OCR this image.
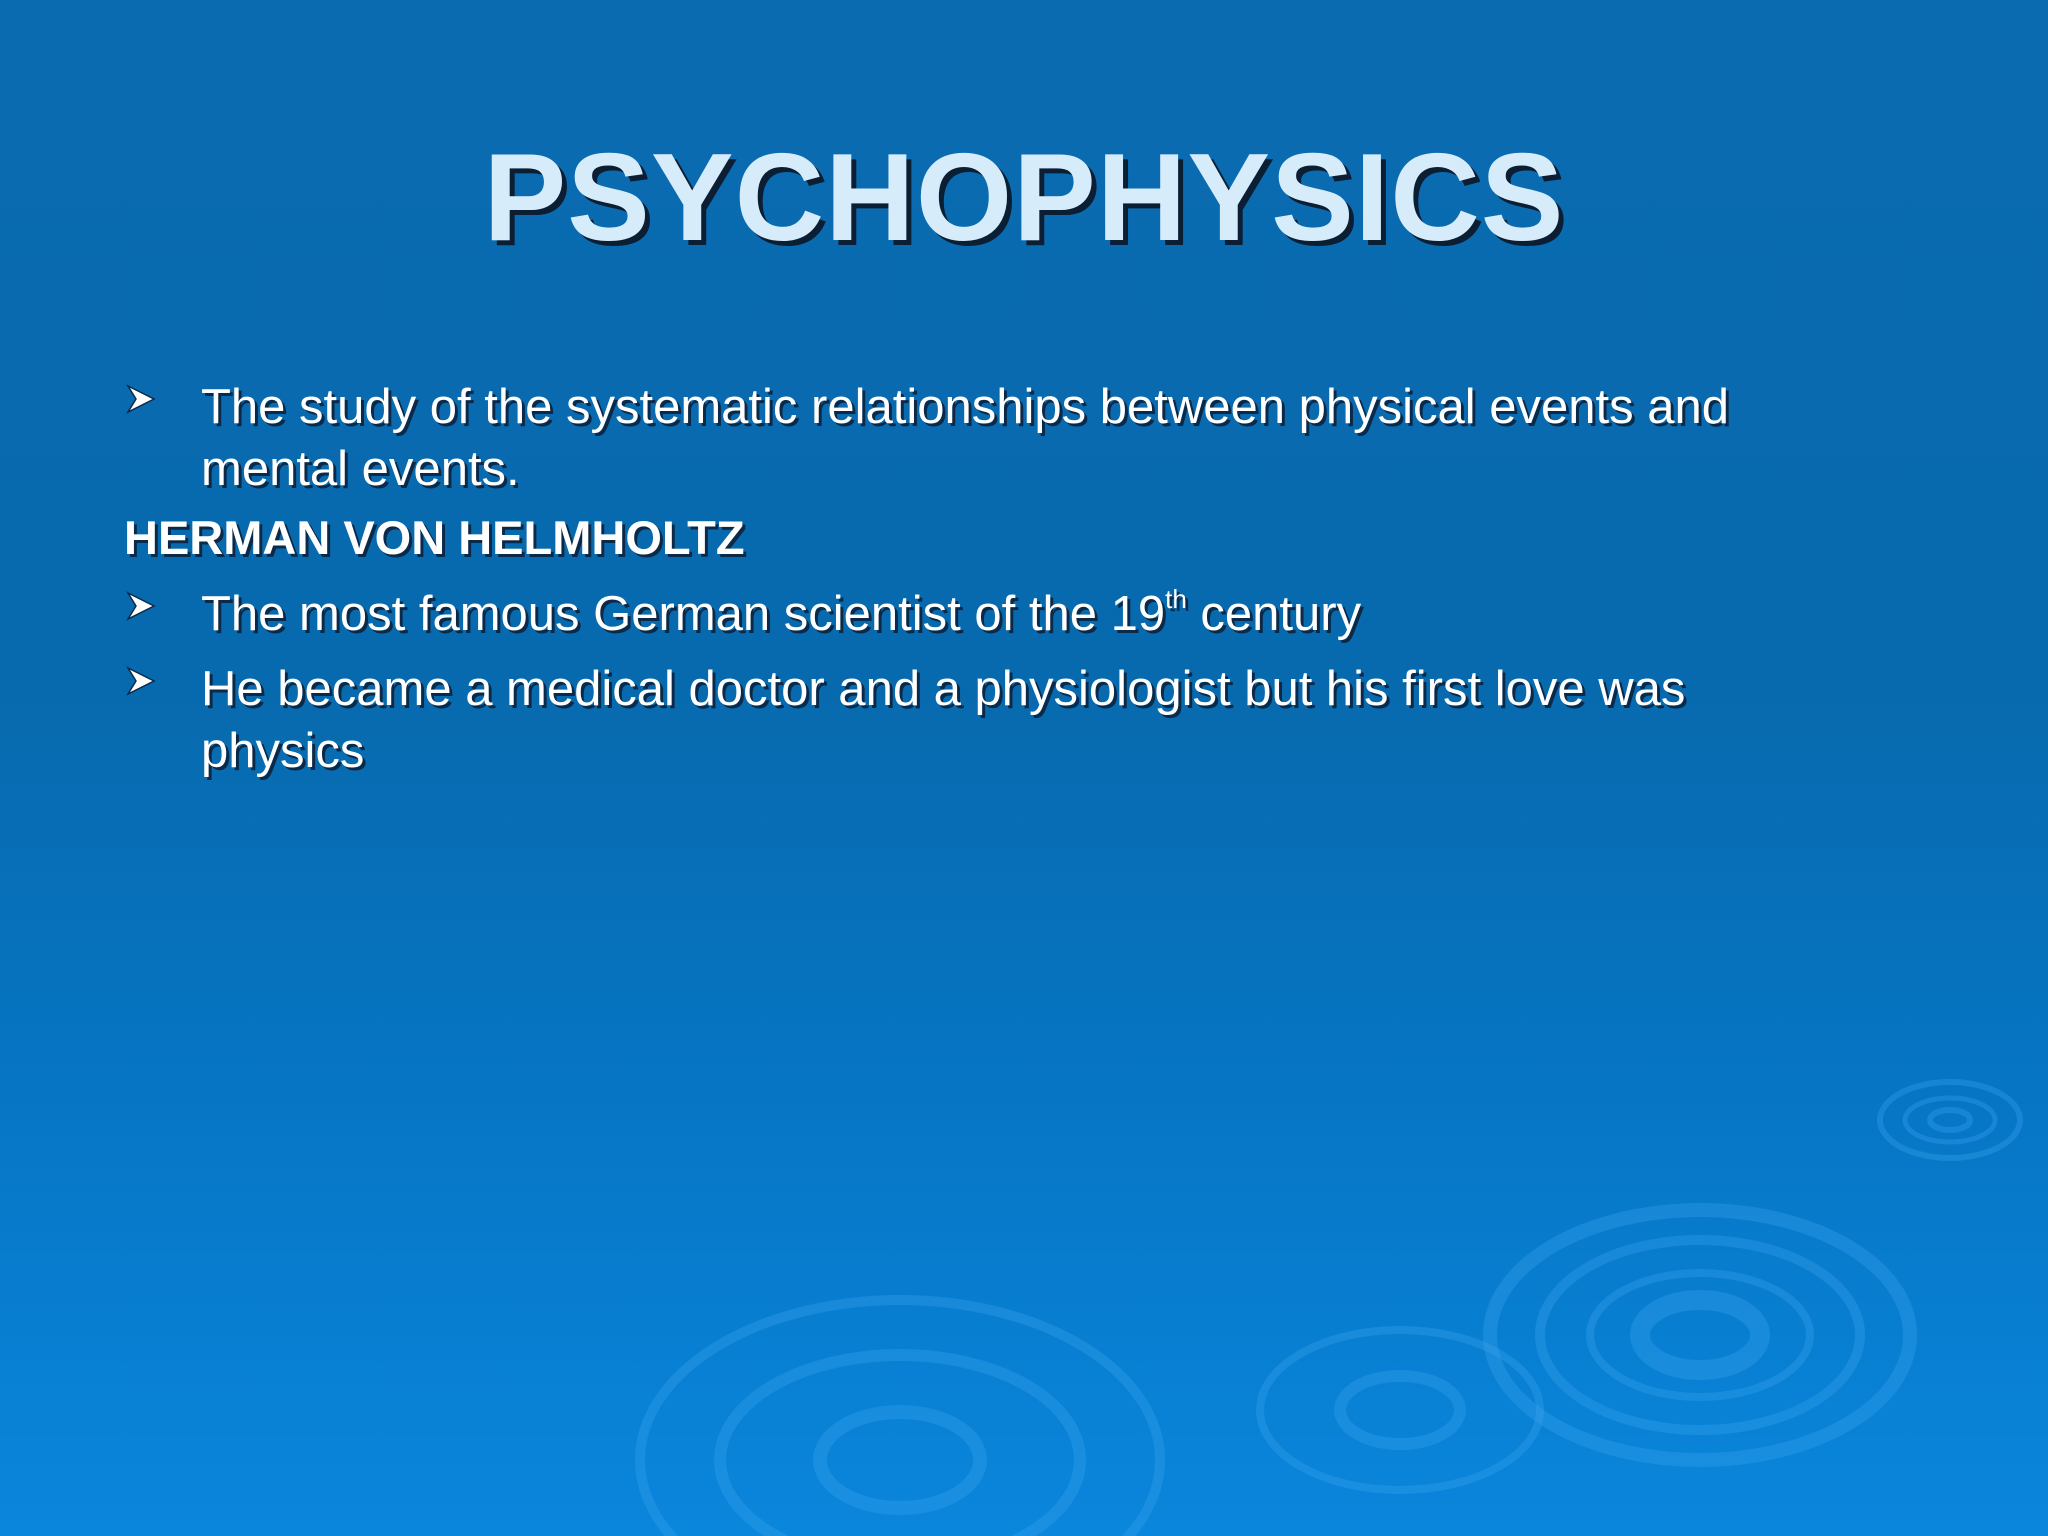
PSYCHOPHYSICS
The study of the systematic relationships between physical events and
mental events.
HERMAN VON HELMHOLTZ
The most famous German scientist of the 19th century
He became a medical doctor and a physiologist but his first love was
physics
